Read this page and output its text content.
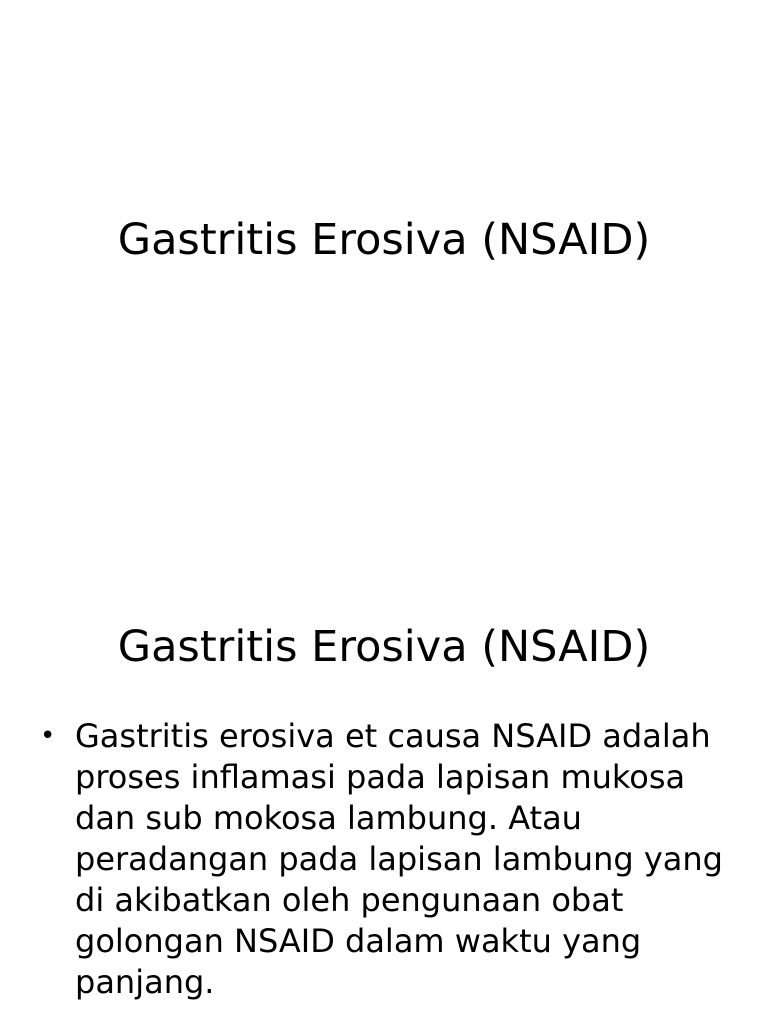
Gastritis Erosiva (NSAID)
Gastritis Erosiva (NSAID)
• Gastritis erosiva et causa NSAID adalah proses inflamasi pada lapisan mukosa dan sub mokosa lambung. Atau peradangan pada lapisan lambung yang di akibatkan oleh pengunaan obat golongan NSAID dalam waktu yang panjang.
